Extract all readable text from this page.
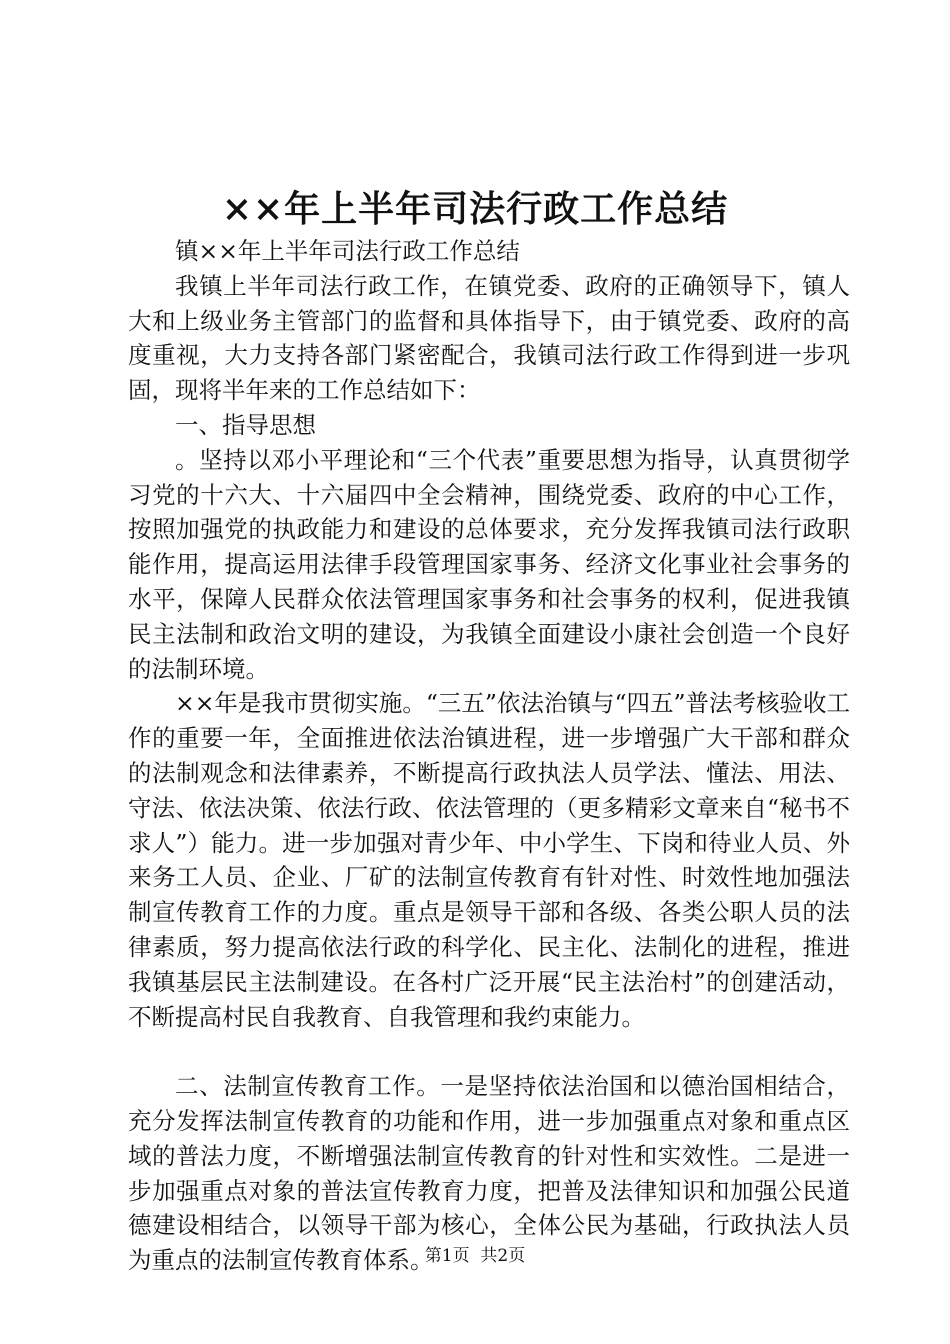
××年上半年司法行政工作总结

镇××年上半年司法行政工作总结

我镇上半年司法行政工作，在镇党委、政府的正确领导下，镇人大和上级业务主管部门的监督和具体指导下，由于镇党委、政府的高度重视，大力支持各部门紧密配合，我镇司法行政工作得到进一步巩固，现将半年来的工作总结如下：

一、指导思想

。坚持以邓小平理论和“三个代表”重要思想为指导，认真贯彻学习党的十六大、十六届四中全会精神，围绕党委、政府的中心工作，按照加强党的执政能力和建设的总体要求，充分发挥我镇司法行政职能作用，提高运用法律手段管理国家事务、经济文化事业社会事务的水平，保障人民群众依法管理国家事务和社会事务的权利，促进我镇民主法制和政治文明的建设，为我镇全面建设小康社会创造一个良好的法制环境。

××年是我市贯彻实施。“三五”依法治镇与“四五”普法考核验收工作的重要一年，全面推进依法治镇进程，进一步增强广大干部和群众的法制观念和法律素养，不断提高行政执法人员学法、懂法、用法、守法、依法决策、依法行政、依法管理的（更多精彩文章来自“秘书不求人”）能力。进一步加强对青少年、中小学生、下岗和待业人员、外来务工人员、企业、厂矿的法制宣传教育有针对性、时效性地加强法制宣传教育工作的力度。重点是领导干部和各级、各类公职人员的法律素质，努力提高依法行政的科学化、民主化、法制化的进程，推进我镇基层民主法制建设。在各村广泛开展“民主法治村”的创建活动，不断提高村民自我教育、自我管理和我约束能力。

二、法制宣传教育工作。一是坚持依法治国和以德治国相结合，充分发挥法制宣传教育的功能和作用，进一步加强重点对象和重点区域的普法力度，不断增强法制宣传教育的针对性和实效性。二是进一步加强重点对象的普法宣传教育力度，把普及法律知识和加强公民道德建设相结合，以领导干部为核心，全体公民为基础，行政执法人员为重点的法制宣传教育体系。

第1页 共2页
